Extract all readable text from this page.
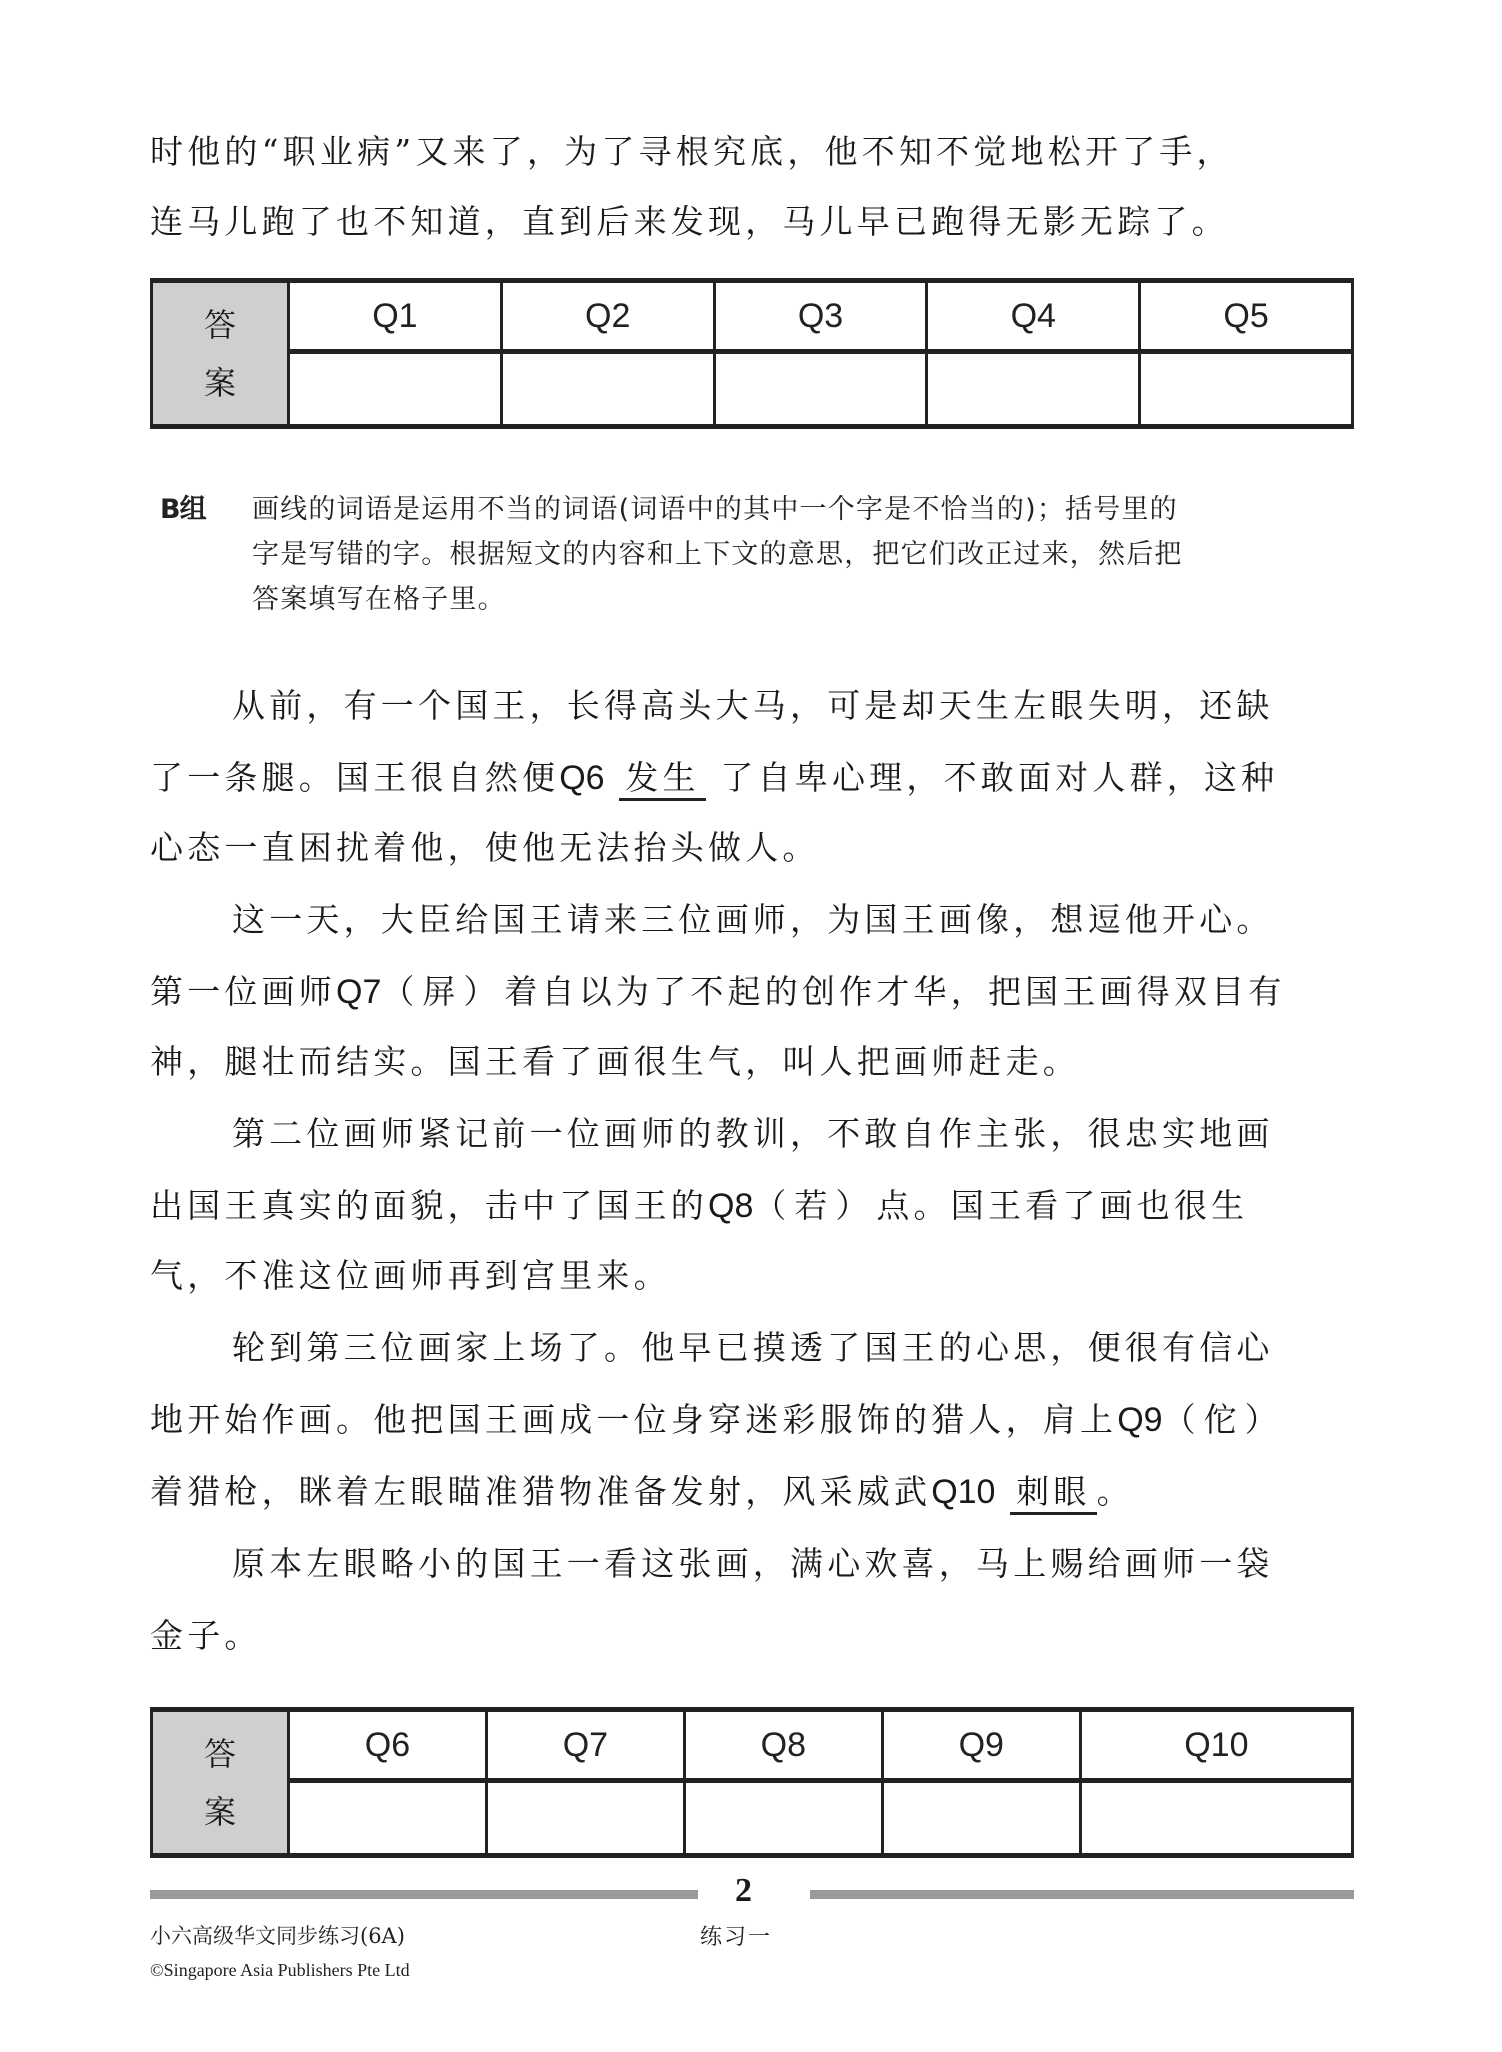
时他的“职业病”又来了，为了寻根究底，他不知不觉地松开了手，
连马儿跑了也不知道，直到后来发现，马儿早已跑得无影无踪了。
答
案	Q1	Q2	Q3	Q4	Q5

B组 画线的词语是运用不当的词语(词语中的其中一个字是不恰当的)；括号里的
字是写错的字。根据短文的内容和上下文的意思，把它们改正过来，然后把
答案填写在格子里。
从前，有一个国王，长得高头大马，可是却天生左眼失明，还缺
了一条腿。国王很自然便Q6 发生 了自卑心理，不敢面对人群，这种
心态一直困扰着他，使他无法抬头做人。
这一天，大臣给国王请来三位画师，为国王画像，想逗他开心。
第一位画师Q7（屏）着自以为了不起的创作才华，把国王画得双目有
神，腿壮而结实。国王看了画很生气，叫人把画师赶走。
第二位画师紧记前一位画师的教训，不敢自作主张，很忠实地画
出国王真实的面貌，击中了国王的Q8（若）点。国王看了画也很生
气，不准这位画师再到宫里来。
轮到第三位画家上场了。他早已摸透了国王的心思，便很有信心
地开始作画。他把国王画成一位身穿迷彩服饰的猎人，肩上Q9（佗）
着猎枪，眯着左眼瞄准猎物准备发射，风采威武Q10 刺眼 。
原本左眼略小的国王一看这张画，满心欢喜，马上赐给画师一袋
金子。
答
案	Q6	Q7	Q8	Q9	Q10

2
小六高级华文同步练习(6A)
©Singapore Asia Publishers Pte Ltd
练习一
